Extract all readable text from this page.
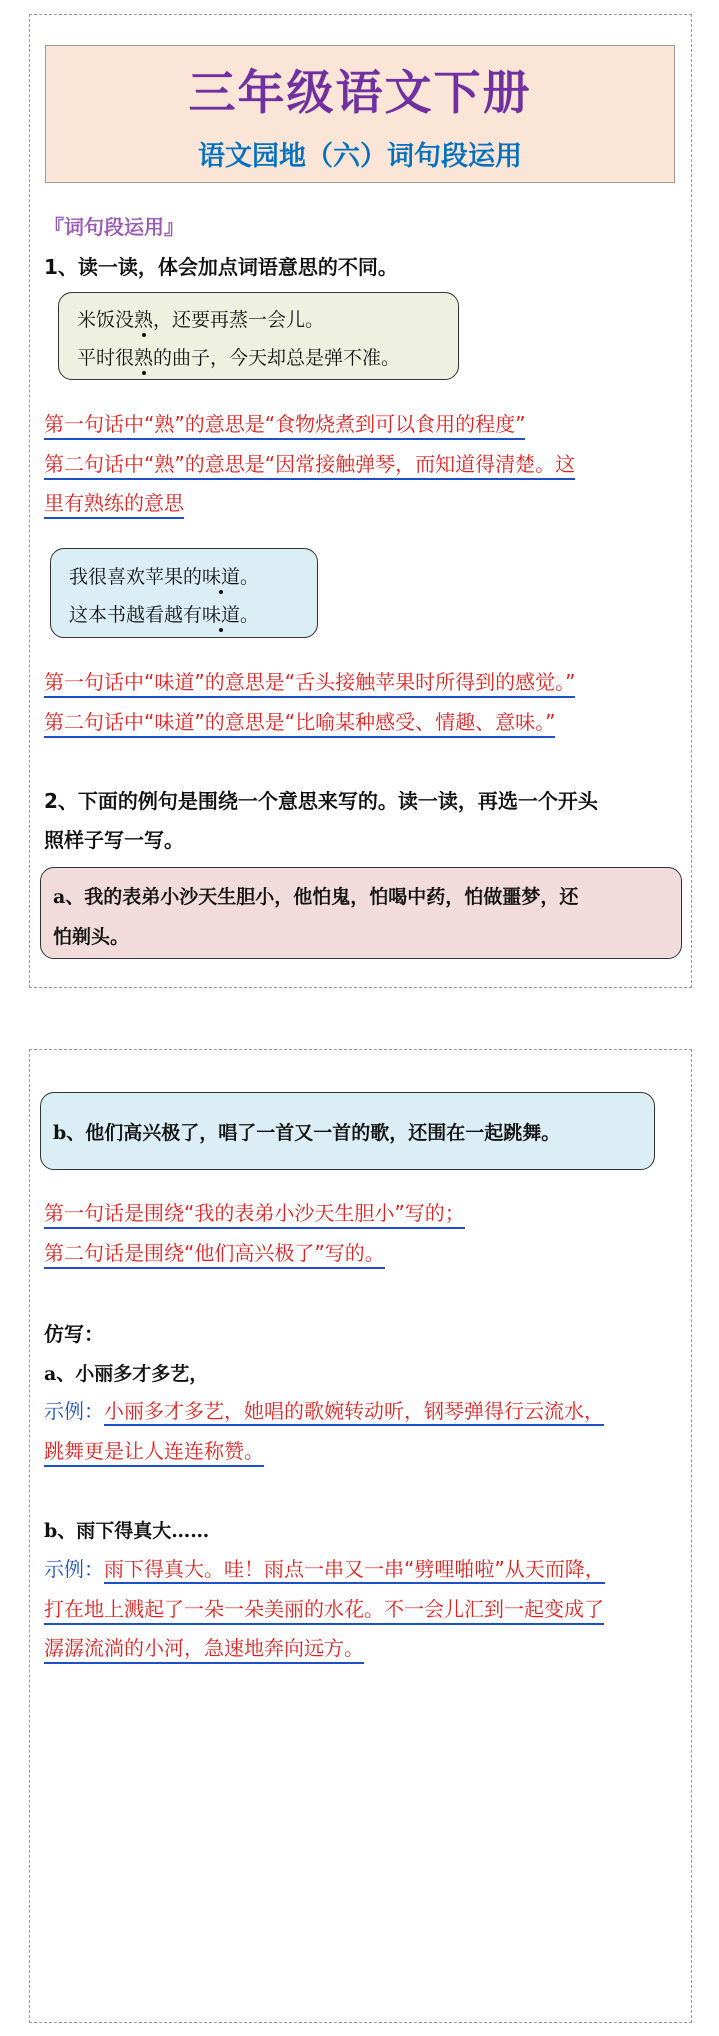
三年级语文下册
语文园地（六）词句段运用
『词句段运用』
1、读一读，体会加点词语意思的不同。
米饭没熟，还要再蒸一会儿。
平时很熟的曲子，今天却总是弹不准。
第一句话中“熟”的意思是“食物烧煮到可以食用的程度”
第二句话中“熟”的意思是“因常接触弹琴，而知道得清楚。这
里有熟练的意思
我很喜欢苹果的味道。
这本书越看越有味道。
第一句话中“味道”的意思是“舌头接触苹果时所得到的感觉。”
第二句话中“味道”的意思是“比喻某种感受、情趣、意味。”
2、下面的例句是围绕一个意思来写的。读一读，再选一个开头
照样子写一写。
a、我的表弟小沙天生胆小，他怕鬼，怕喝中药，怕做噩梦，还
怕剃头。
b、他们高兴极了，唱了一首又一首的歌，还围在一起跳舞。
第一句话是围绕“我的表弟小沙天生胆小”写的；
第二句话是围绕“他们高兴极了”写的。
仿写：
a、小丽多才多艺，
示例：小丽多才多艺，她唱的歌婉转动听，钢琴弹得行云流水，
跳舞更是让人连连称赞。
b、雨下得真大……
示例：雨下得真大。哇！雨点一串又一串“劈哩啪啦”从天而降，
打在地上溅起了一朵一朵美丽的水花。不一会儿汇到一起变成了
潺潺流淌的小河，急速地奔向远方。
